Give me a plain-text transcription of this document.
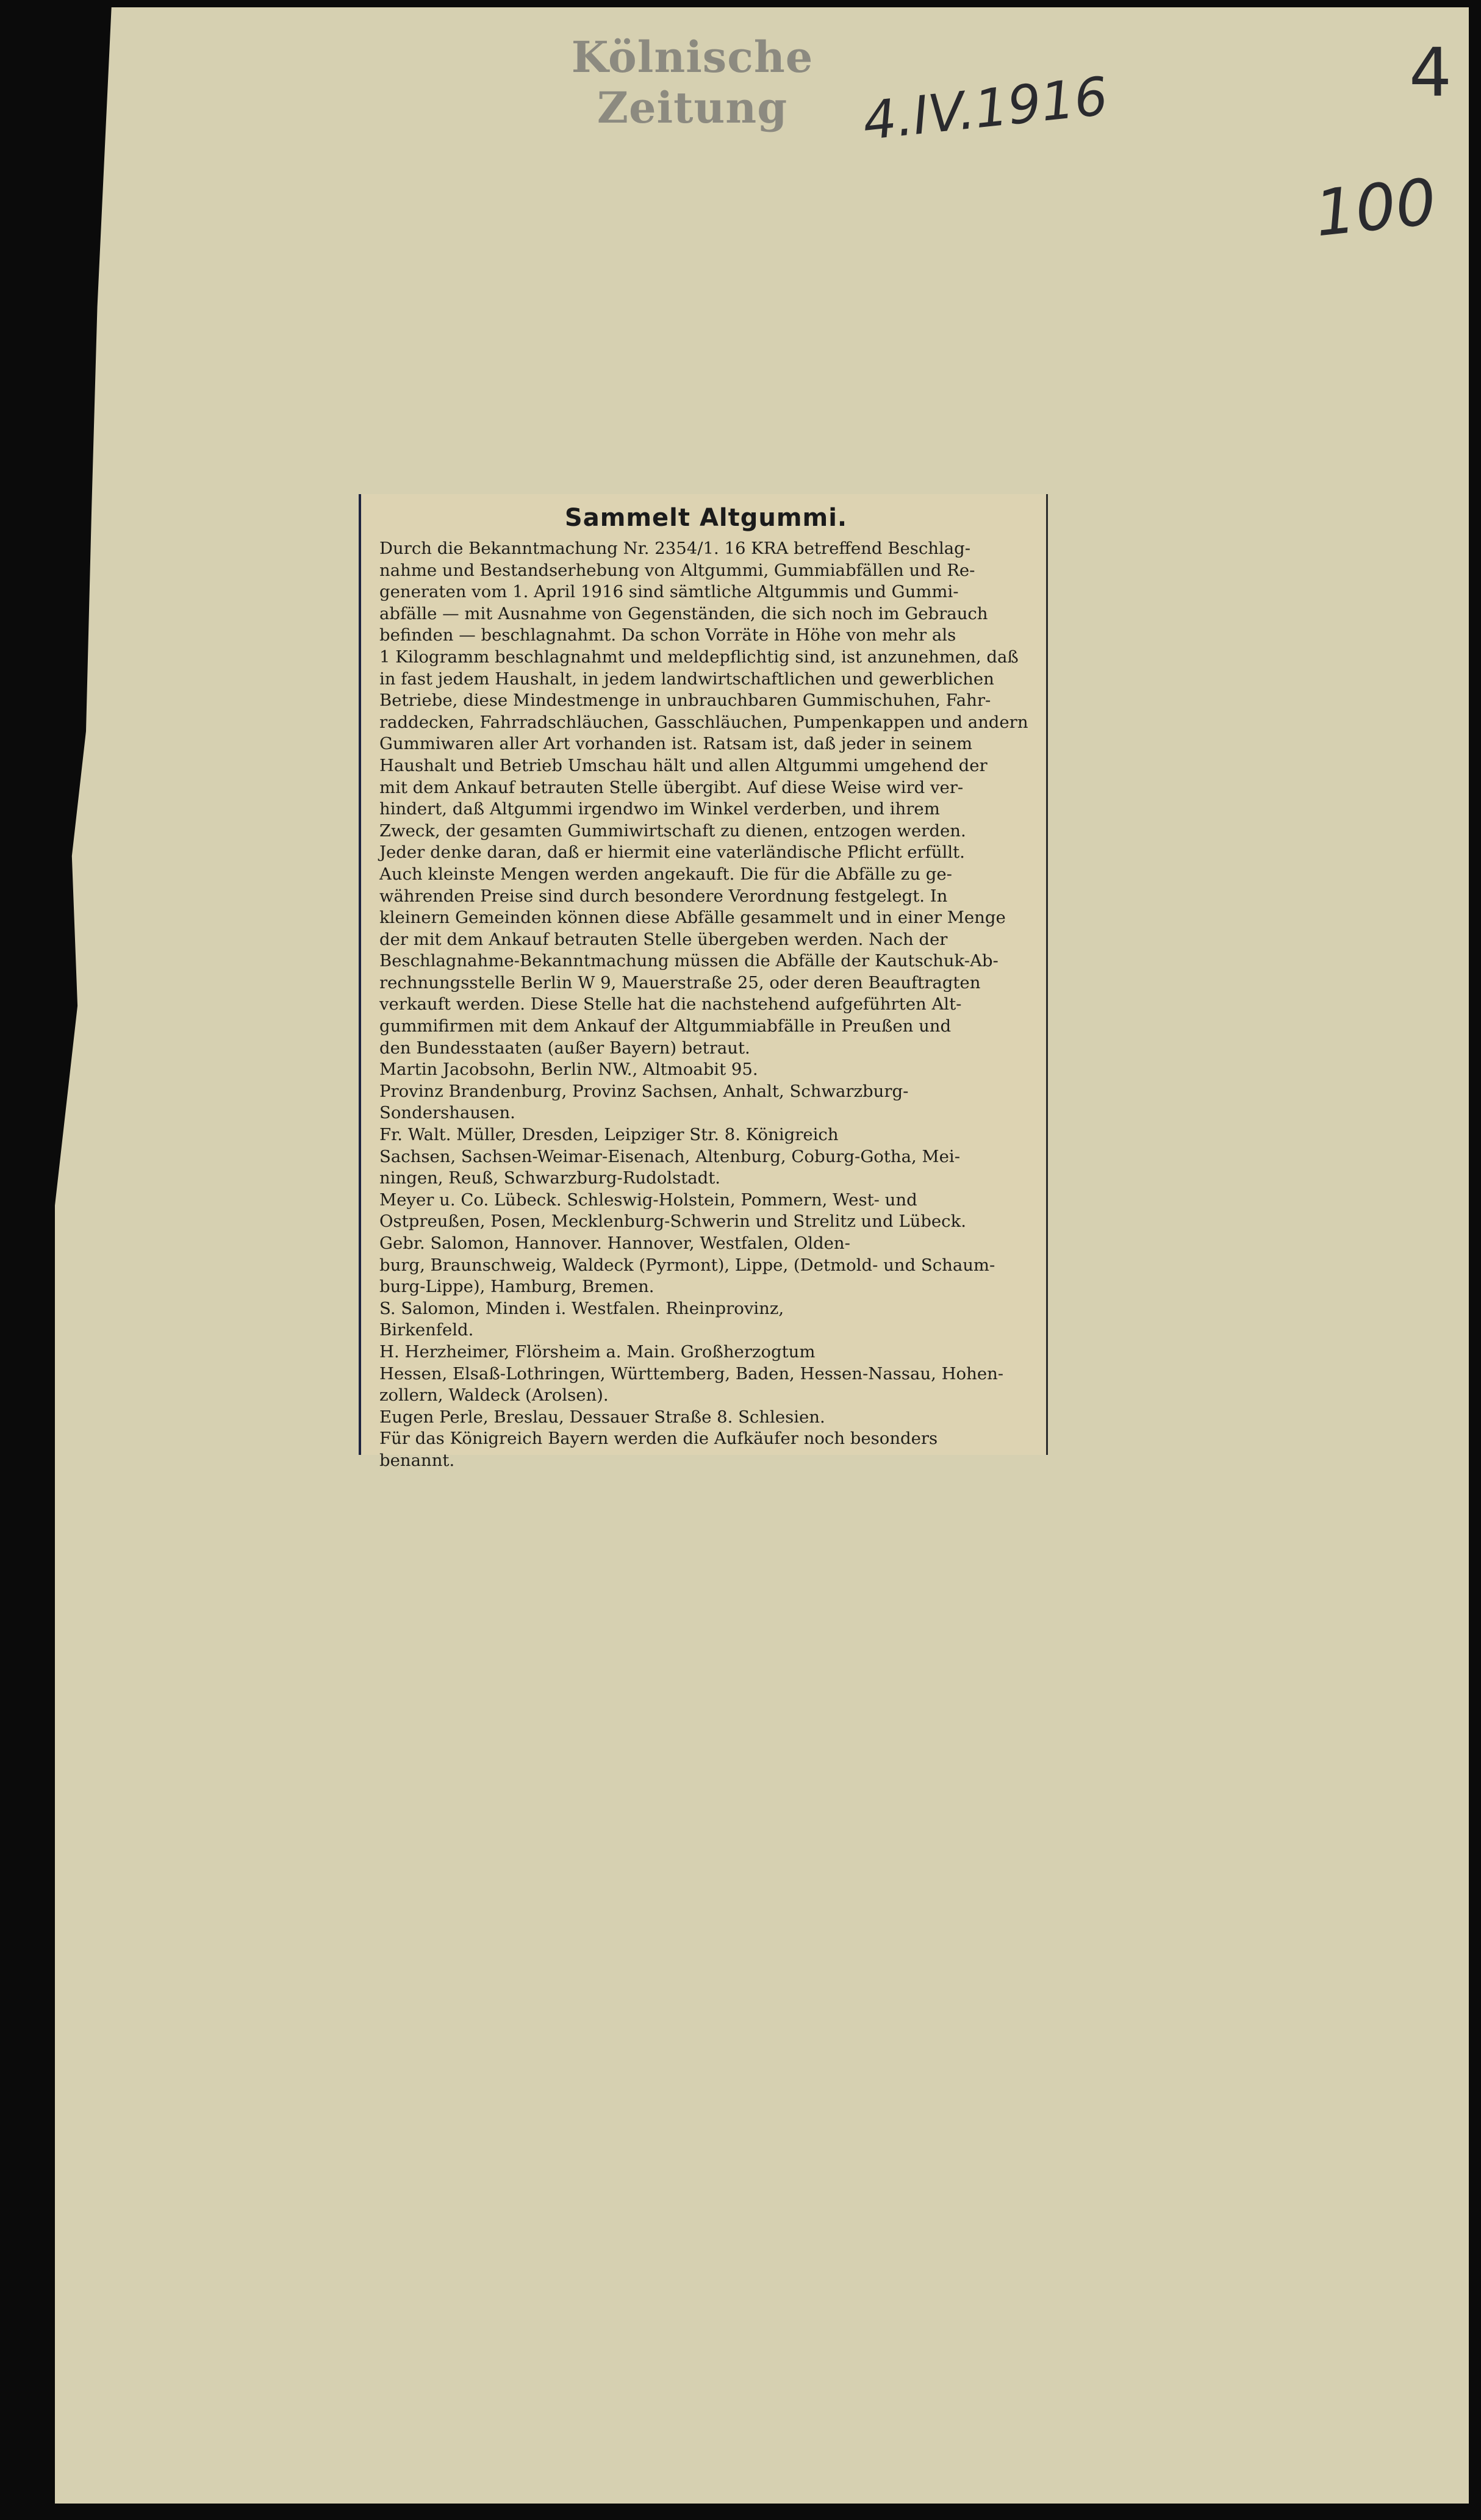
Kölnische Zeitung	4.IV.1916
100
4
Sammelt Altgummi.

Durch die Bekanntmachung Nr. 2354/1. 16 KRA betreffend Beschlag-
nahme und Bestandserhebung von Altgummi, Gummiabfällen und Re-
generaten vom 1. April 1916 sind sämtliche Altgummis und Gummi-
abfälle — mit Ausnahme von Gegenständen, die sich noch im Gebrauch
befinden — beschlagnahmt. Da schon Vorräte in Höhe von mehr als
1 Kilogramm beschlagnahmt und meldepflichtig sind, ist anzunehmen, daß
in fast jedem Haushalt, in jedem landwirtschaftlichen und gewerblichen
Betriebe, diese Mindestmenge in unbrauchbaren Gummischuhen, Fahr-
raddecken, Fahrradschläuchen, Gasschläuchen, Pumpenkappen und andern
Gummiwaren aller Art vorhanden ist. Ratsam ist, daß jeder in seinem
Haushalt und Betrieb Umschau hält und allen Altgummi umgehend der
mit dem Ankauf betrauten Stelle übergibt. Auf diese Weise wird ver-
hindert, daß Altgummi irgendwo im Winkel verderben, und ihrem
Zweck, der gesamten Gummiwirtschaft zu dienen, entzogen werden.
Jeder denke daran, daß er hiermit eine vaterländische Pflicht erfüllt.
Auch kleinste Mengen werden angekauft. Die für die Abfälle zu ge-
währenden Preise sind durch besondere Verordnung festgelegt. In
kleinern Gemeinden können diese Abfälle gesammelt und in einer Menge
der mit dem Ankauf betrauten Stelle übergeben werden. Nach der
Beschlagnahme-Bekanntmachung müssen die Abfälle der Kautschuk-Ab-
rechnungsstelle Berlin W 9, Mauerstraße 25, oder deren Beauftragten
verkauft werden. Diese Stelle hat die nachstehend aufgeführten Alt-
gummifirmen mit dem Ankauf der Altgummiabfälle in Preußen und
den Bundesstaaten (außer Bayern) betraut.
Martin Jacobsohn, Berlin NW., Altmoabit 95.
Provinz Brandenburg, Provinz Sachsen, Anhalt, Schwarzburg-
Sondershausen.
Fr. Walt. Müller, Dresden, Leipziger Str. 8. Königreich
Sachsen, Sachsen-Weimar-Eisenach, Altenburg, Coburg-Gotha, Mei-
ningen, Reuß, Schwarzburg-Rudolstadt.
Meyer u. Co. Lübeck. Schleswig-Holstein, Pommern, West- und
Ostpreußen, Posen, Mecklenburg-Schwerin und Strelitz und Lübeck.
Gebr. Salomon, Hannover. Hannover, Westfalen, Olden-
burg, Braunschweig, Waldeck (Pyrmont), Lippe, (Detmold- und Schaum-
burg-Lippe), Hamburg, Bremen.
S. Salomon, Minden i. Westfalen. Rheinprovinz,
Birkenfeld.
H. Herzheimer, Flörsheim a. Main. Großherzogtum
Hessen, Elsaß-Lothringen, Württemberg, Baden, Hessen-Nassau, Hohen-
zollern, Waldeck (Arolsen).
Eugen Perle, Breslau, Dessauer Straße 8. Schlesien.
Für das Königreich Bayern werden die Aufkäufer noch besonders
benannt.
